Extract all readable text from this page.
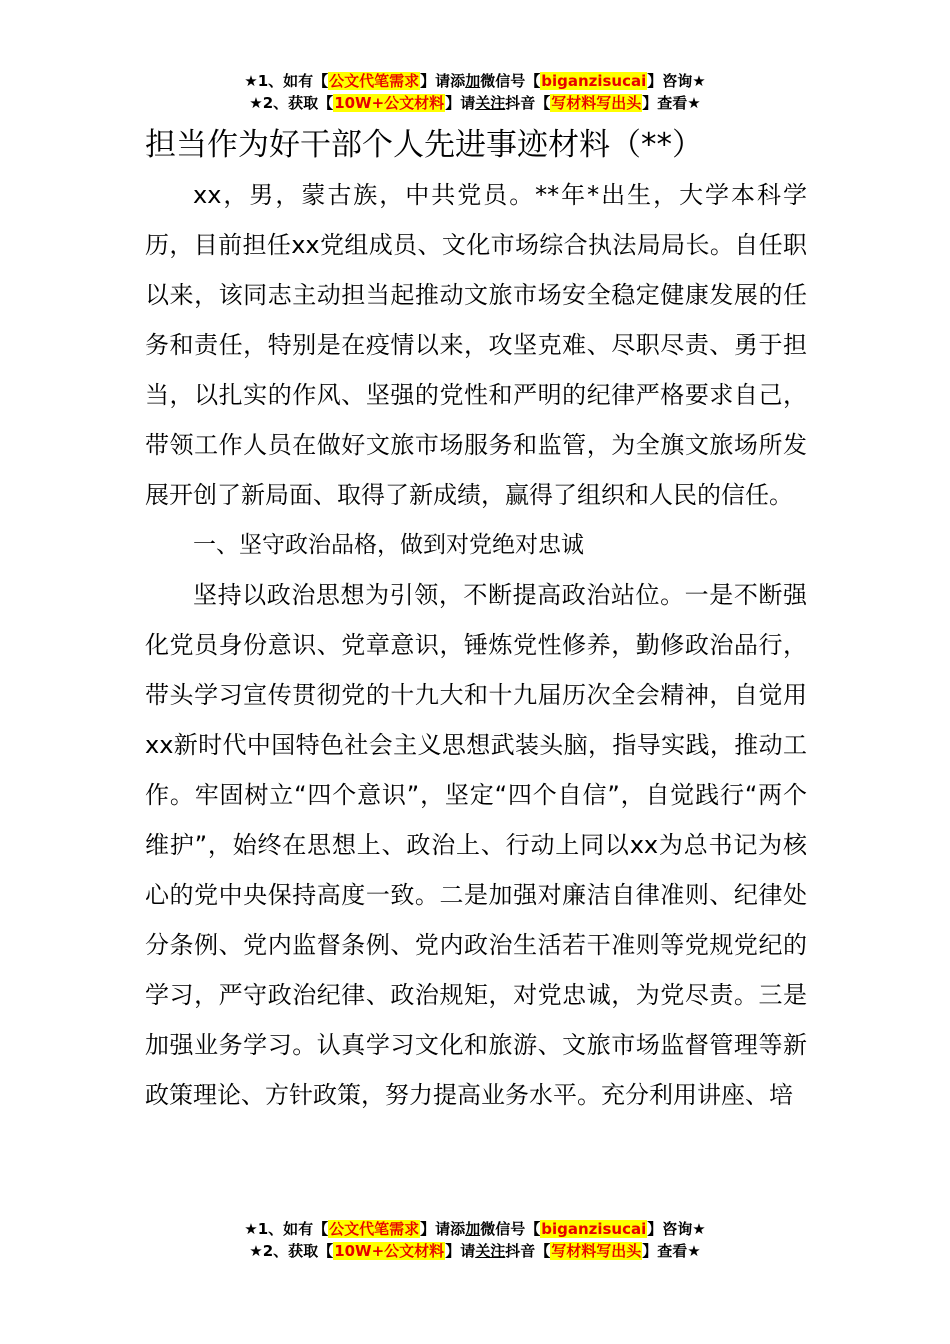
★1、如有【公文代笔需求】请添加微信号【biganzisucai】咨询★
★2、获取【10W+公文材料】请关注抖音【写材料写出头】查看★
担当作为好干部个人先进事迹材料（**）

xx，男，蒙古族，中共党员。**年*出生，大学本科学历，目前担任xx党组成员、文化市场综合执法局局长。自任职以来，该同志主动担当起推动文旅市场安全稳定健康发展的任务和责任，特别是在疫情以来，攻坚克难、尽职尽责、勇于担当，以扎实的作风、坚强的党性和严明的纪律严格要求自己，带领工作人员在做好文旅市场服务和监管，为全旗文旅场所发展开创了新局面、取得了新成绩，赢得了组织和人民的信任。

一、坚守政治品格，做到对党绝对忠诚

坚持以政治思想为引领，不断提高政治站位。一是不断强化党员身份意识、党章意识，锤炼党性修养，勤修政治品行，带头学习宣传贯彻党的十九大和十九届历次全会精神，自觉用xx新时代中国特色社会主义思想武装头脑，指导实践，推动工作。牢固树立“四个意识”，坚定“四个自信”，自觉践行“两个维护”，始终在思想上、政治上、行动上同以xx为总书记为核心的党中央保持高度一致。二是加强对廉洁自律准则、纪律处分条例、党内监督条例、党内政治生活若干准则等党规党纪的学习，严守政治纪律、政治规矩，对党忠诚，为党尽责。三是加强业务学习。认真学习文化和旅游、文旅市场监督管理等新政策理论、方针政策，努力提高业务水平。充分利用讲座、培

★1、如有【公文代笔需求】请添加微信号【biganzisucai】咨询★
★2、获取【10W+公文材料】请关注抖音【写材料写出头】查看★
